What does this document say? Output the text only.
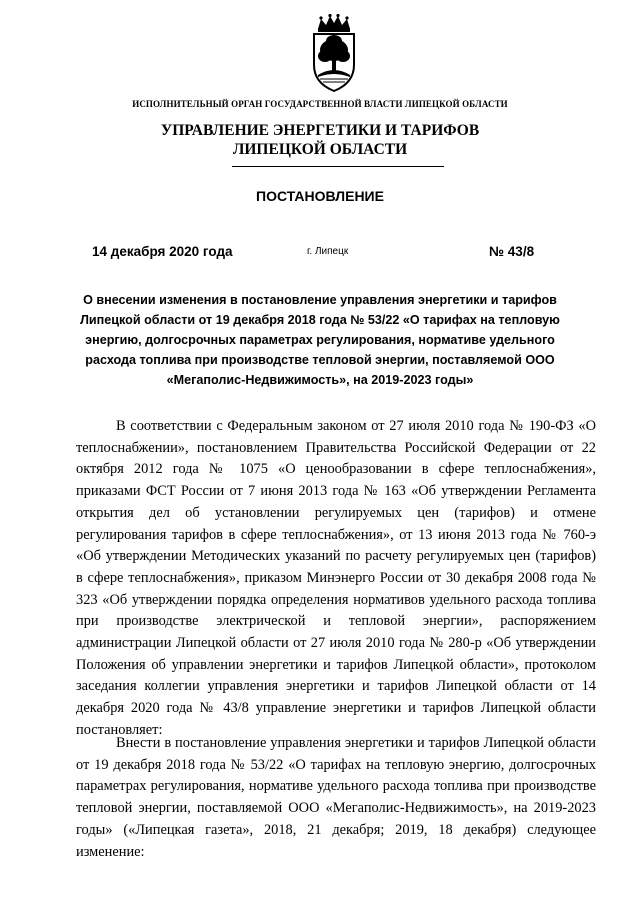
ИСПОЛНИТЕЛЬНЫЙ ОРГАН ГОСУДАРСТВЕННОЙ ВЛАСТИ ЛИПЕЦКОЙ ОБЛАСТИ
УПРАВЛЕНИЕ ЭНЕРГЕТИКИ И ТАРИФОВ
ЛИПЕЦКОЙ ОБЛАСТИ
ПОСТАНОВЛЕНИЕ
14 декабря 2020 года	г. Липецк	№ 43/8
О внесении изменения в постановление управления энергетики и тарифов Липецкой области от 19 декабря 2018 года № 53/22 «О тарифах на тепловую энергию, долгосрочных параметрах регулирования, нормативе удельного расхода топлива при производстве тепловой энергии, поставляемой ООО «Мегаполис-Недвижимость», на 2019-2023 годы»

В соответствии с Федеральным законом от 27 июля 2010 года № 190-ФЗ «О теплоснабжении», постановлением Правительства Российской Федерации от 22 октября 2012 года № 1075 «О ценообразовании в сфере теплоснабжения», приказами ФСТ России от 7 июня 2013 года № 163 «Об утверждении Регламента открытия дел об установлении регулируемых цен (тарифов) и отмене регулирования тарифов в сфере теплоснабжения», от 13 июня 2013 года № 760-э «Об утверждении Методических указаний по расчету регулируемых цен (тарифов) в сфере теплоснабжения», приказом Минэнерго России от 30 декабря 2008 года № 323 «Об утверждении порядка определения нормативов удельного расхода топлива при производстве электрической и тепловой энергии», распоряжением администрации Липецкой области от 27 июля 2010 года № 280-р «Об утверждении Положения об управлении энергетики и тарифов Липецкой области», протоколом заседания коллегии управления энергетики и тарифов Липецкой области от 14 декабря 2020 года № 43/8 управление энергетики и тарифов Липецкой области постановляет:

Внести в постановление управления энергетики и тарифов Липецкой области от 19 декабря 2018 года № 53/22 «О тарифах на тепловую энергию, долгосрочных параметрах регулирования, нормативе удельного расхода топлива при производстве тепловой энергии, поставляемой ООО «Мегаполис-Недвижимость», на 2019-2023 годы» («Липецкая газета», 2018, 21 декабря; 2019, 18 декабря) следующее изменение:
